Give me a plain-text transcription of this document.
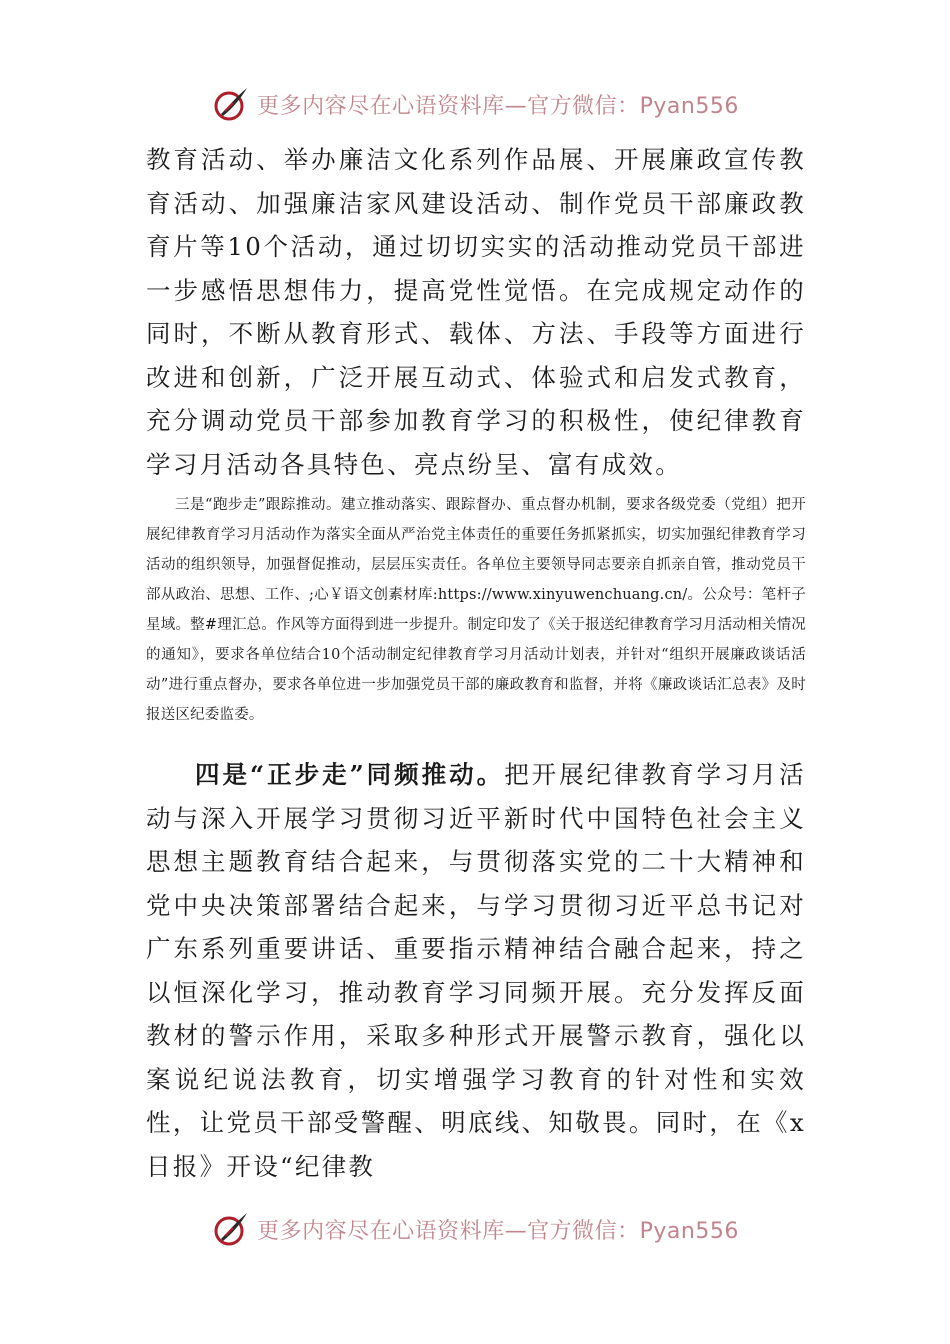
更多内容尽在心语资料库—官方微信：Pyan556

教育活动、举办廉洁文化系列作品展、开展廉政宣传教育活动、加强廉洁家风建设活动、制作党员干部廉政教育片等10个活动，通过切切实实的活动推动党员干部进一步感悟思想伟力，提高党性觉悟。在完成规定动作的同时，不断从教育形式、载体、方法、手段等方面进行改进和创新，广泛开展互动式、体验式和启发式教育，充分调动党员干部参加教育学习的积极性，使纪律教育学习月活动各具特色、亮点纷呈、富有成效。

三是“跑步走”跟踪推动。建立推动落实、跟踪督办、重点督办机制，要求各级党委（党组）把开展纪律教育学习月活动作为落实全面从严治党主体责任的重要任务抓紧抓实，切实加强纪律教育学习活动的组织领导，加强督促推动，层层压实责任。各单位主要领导同志要亲自抓亲自管，推动党员干部从政治、思想、工作、;心￥语文创素材库:https://www.xinyuwenchuang.cn/。公众号：笔杆子星域。整#理汇总。作风等方面得到进一步提升。制定印发了《关于报送纪律教育学习月活动相关情况的通知》，要求各单位结合10个活动制定纪律教育学习月活动计划表，并针对“组织开展廉政谈话活动”进行重点督办，要求各单位进一步加强党员干部的廉政教育和监督，并将《廉政谈话汇总表》及时报送区纪委监委。

四是“正步走”同频推动。把开展纪律教育学习月活动与深入开展学习贯彻习近平新时代中国特色社会主义思想主题教育结合起来，与贯彻落实党的二十大精神和党中央决策部署结合起来，与学习贯彻习近平总书记对广东系列重要讲话、重要指示精神结合融合起来，持之以恒深化学习，推动教育学习同频开展。充分发挥反面教材的警示作用，采取多种形式开展警示教育，强化以案说纪说法教育，切实增强学习教育的针对性和实效性，让党员干部受警醒、明底线、知敬畏。同时，在《x日报》开设“纪律教

更多内容尽在心语资料库—官方微信：Pyan556
